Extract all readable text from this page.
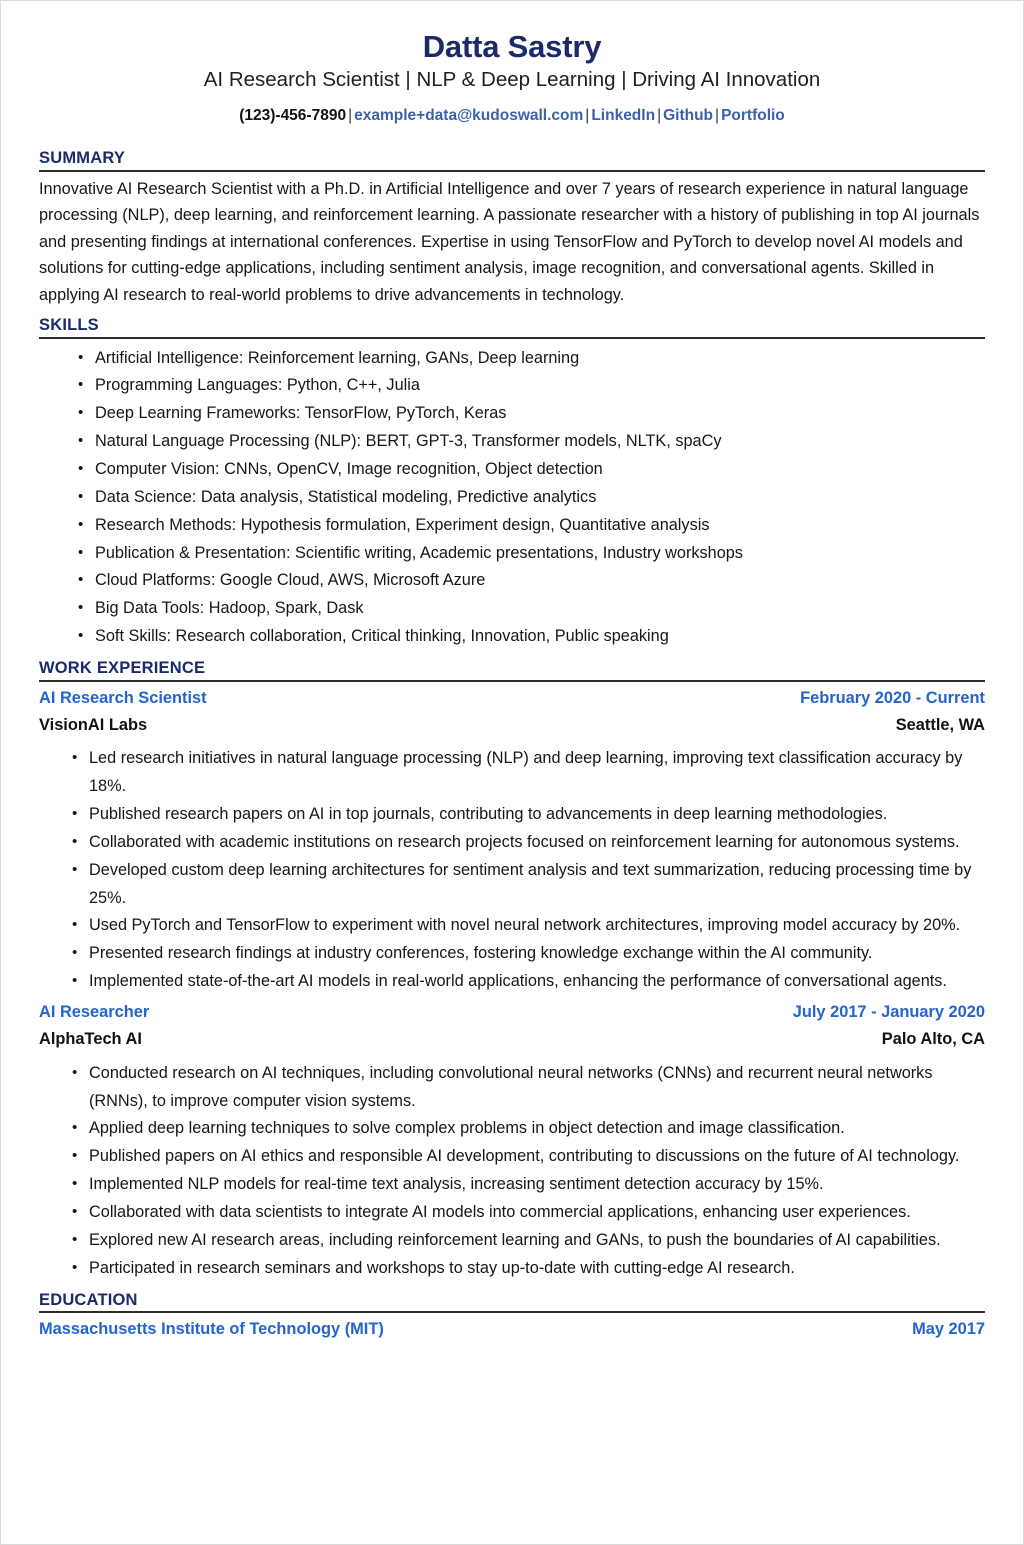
Datta Sastry
AI Research Scientist | NLP & Deep Learning | Driving AI Innovation
(123)-456-7890 | example+data@kudoswall.com | LinkedIn | Github | Portfolio
SUMMARY

Innovative AI Research Scientist with a Ph.D. in Artificial Intelligence and over 7 years of research experience in natural language processing (NLP), deep learning, and reinforcement learning. A passionate researcher with a history of publishing in top AI journals and presenting findings at international conferences. Expertise in using TensorFlow and PyTorch to develop novel AI models and solutions for cutting-edge applications, including sentiment analysis, image recognition, and conversational agents. Skilled in applying AI research to real-world problems to drive advancements in technology.

SKILLS
• Artificial Intelligence: Reinforcement learning, GANs, Deep learning
• Programming Languages: Python, C++, Julia
• Deep Learning Frameworks: TensorFlow, PyTorch, Keras
• Natural Language Processing (NLP): BERT, GPT-3, Transformer models, NLTK, spaCy
• Computer Vision: CNNs, OpenCV, Image recognition, Object detection
• Data Science: Data analysis, Statistical modeling, Predictive analytics
• Research Methods: Hypothesis formulation, Experiment design, Quantitative analysis
• Publication & Presentation: Scientific writing, Academic presentations, Industry workshops
• Cloud Platforms: Google Cloud, AWS, Microsoft Azure
• Big Data Tools: Hadoop, Spark, Dask
• Soft Skills: Research collaboration, Critical thinking, Innovation, Public speaking
WORK EXPERIENCE
AI Research Scientist	February 2020 - Current
VisionAI Labs	Seattle, WA
• Led research initiatives in natural language processing (NLP) and deep learning, improving text classification accuracy by 18%.
• Published research papers on AI in top journals, contributing to advancements in deep learning methodologies.
• Collaborated with academic institutions on research projects focused on reinforcement learning for autonomous systems.
• Developed custom deep learning architectures for sentiment analysis and text summarization, reducing processing time by 25%.
• Used PyTorch and TensorFlow to experiment with novel neural network architectures, improving model accuracy by 20%.
• Presented research findings at industry conferences, fostering knowledge exchange within the AI community.
• Implemented state-of-the-art AI models in real-world applications, enhancing the performance of conversational agents.
AI Researcher	July 2017 - January 2020
AlphaTech AI	Palo Alto, CA
• Conducted research on AI techniques, including convolutional neural networks (CNNs) and recurrent neural networks (RNNs), to improve computer vision systems.
• Applied deep learning techniques to solve complex problems in object detection and image classification.
• Published papers on AI ethics and responsible AI development, contributing to discussions on the future of AI technology.
• Implemented NLP models for real-time text analysis, increasing sentiment detection accuracy by 15%.
• Collaborated with data scientists to integrate AI models into commercial applications, enhancing user experiences.
• Explored new AI research areas, including reinforcement learning and GANs, to push the boundaries of AI capabilities.
• Participated in research seminars and workshops to stay up-to-date with cutting-edge AI research.
EDUCATION
Massachusetts Institute of Technology (MIT)	May 2017
